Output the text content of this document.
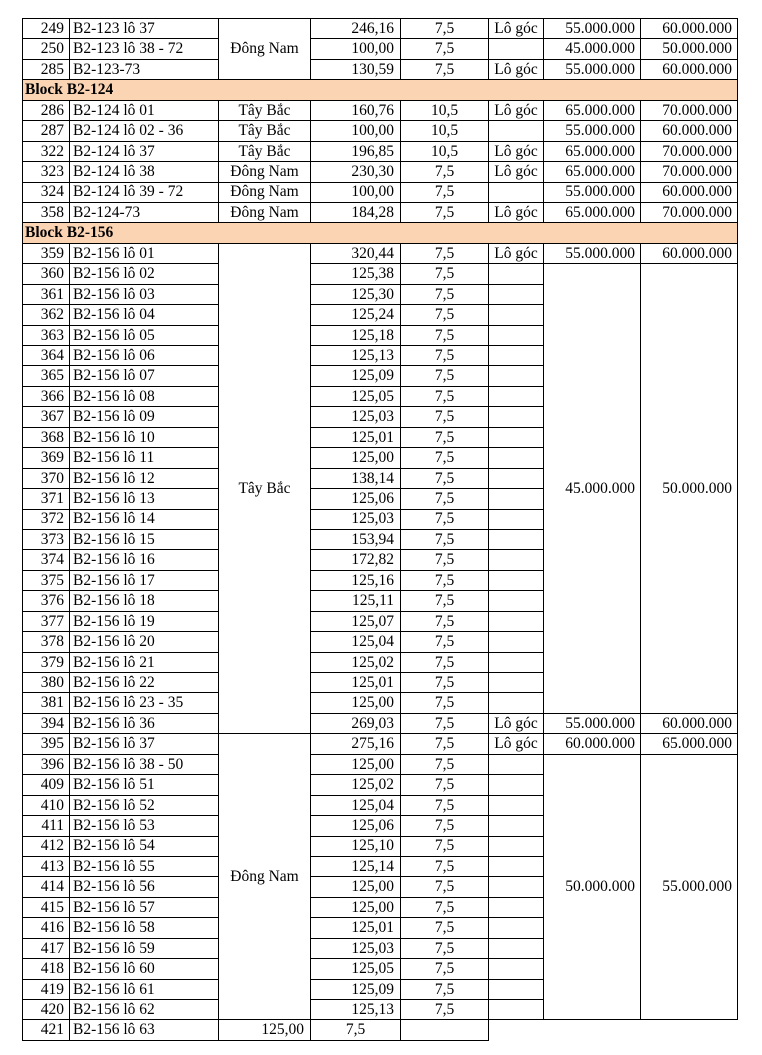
249	B2-123 lô 37	Đông Nam	246,16	7,5	Lô góc	55.000.000	60.000.000
250	B2-123 lô 38 - 72		100,00	7,5		45.000.000	50.000.000
285	B2-123-73		130,59	7,5	Lô góc	55.000.000	60.000.000
Block B2-124							
286	B2-124 lô 01	Tây Bắc	160,76	10,5	Lô góc	65.000.000	70.000.000
287	B2-124 lô 02 - 36	Tây Bắc	100,00	10,5		55.000.000	60.000.000
322	B2-124 lô 37	Tây Bắc	196,85	10,5	Lô góc	65.000.000	70.000.000
323	B2-124 lô 38	Đông Nam	230,30	7,5	Lô góc	65.000.000	70.000.000
324	B2-124 lô 39 - 72	Đông Nam	100,00	7,5		55.000.000	60.000.000
358	B2-124-73	Đông Nam	184,28	7,5	Lô góc	65.000.000	70.000.000
Block B2-156							
359	B2-156 lô 01	Tây Bắc	320,44	7,5	Lô góc	55.000.000	60.000.000
360	B2-156 lô 02		125,38	7,5		45.000.000	50.000.000
361	B2-156 lô 03		125,30	7,5			
362	B2-156 lô 04		125,24	7,5			
363	B2-156 lô 05		125,18	7,5			
364	B2-156 lô 06		125,13	7,5			
365	B2-156 lô 07		125,09	7,5			
366	B2-156 lô 08		125,05	7,5			
367	B2-156 lô 09		125,03	7,5			
368	B2-156 lô 10		125,01	7,5			
369	B2-156 lô 11		125,00	7,5			
370	B2-156 lô 12		138,14	7,5			
371	B2-156 lô 13		125,06	7,5			
372	B2-156 lô 14		125,03	7,5			
373	B2-156 lô 15		153,94	7,5			
374	B2-156 lô 16		172,82	7,5			
375	B2-156 lô 17		125,16	7,5			
376	B2-156 lô 18		125,11	7,5			
377	B2-156 lô 19		125,07	7,5			
378	B2-156 lô 20		125,04	7,5			
379	B2-156 lô 21		125,02	7,5			
380	B2-156 lô 22		125,01	7,5			
381	B2-156 lô 23 - 35		125,00	7,5			
394	B2-156 lô 36		269,03	7,5	Lô góc	55.000.000	60.000.000
395	B2-156 lô 37	Đông Nam	275,16	7,5	Lô góc	60.000.000	65.000.000
396	B2-156 lô 38 - 50		125,00	7,5		50.000.000	55.000.000
409	B2-156 lô 51		125,02	7,5			
410	B2-156 lô 52		125,04	7,5			
411	B2-156 lô 53		125,06	7,5			
412	B2-156 lô 54		125,10	7,5			
413	B2-156 lô 55		125,14	7,5			
414	B2-156 lô 56		125,00	7,5			
415	B2-156 lô 57		125,00	7,5			
416	B2-156 lô 58		125,01	7,5			
417	B2-156 lô 59		125,03	7,5			
418	B2-156 lô 60		125,05	7,5			
419	B2-156 lô 61		125,09	7,5			
420	B2-156 lô 62		125,13	7,5			
421	B2-156 lô 63	125,00	7,5				
